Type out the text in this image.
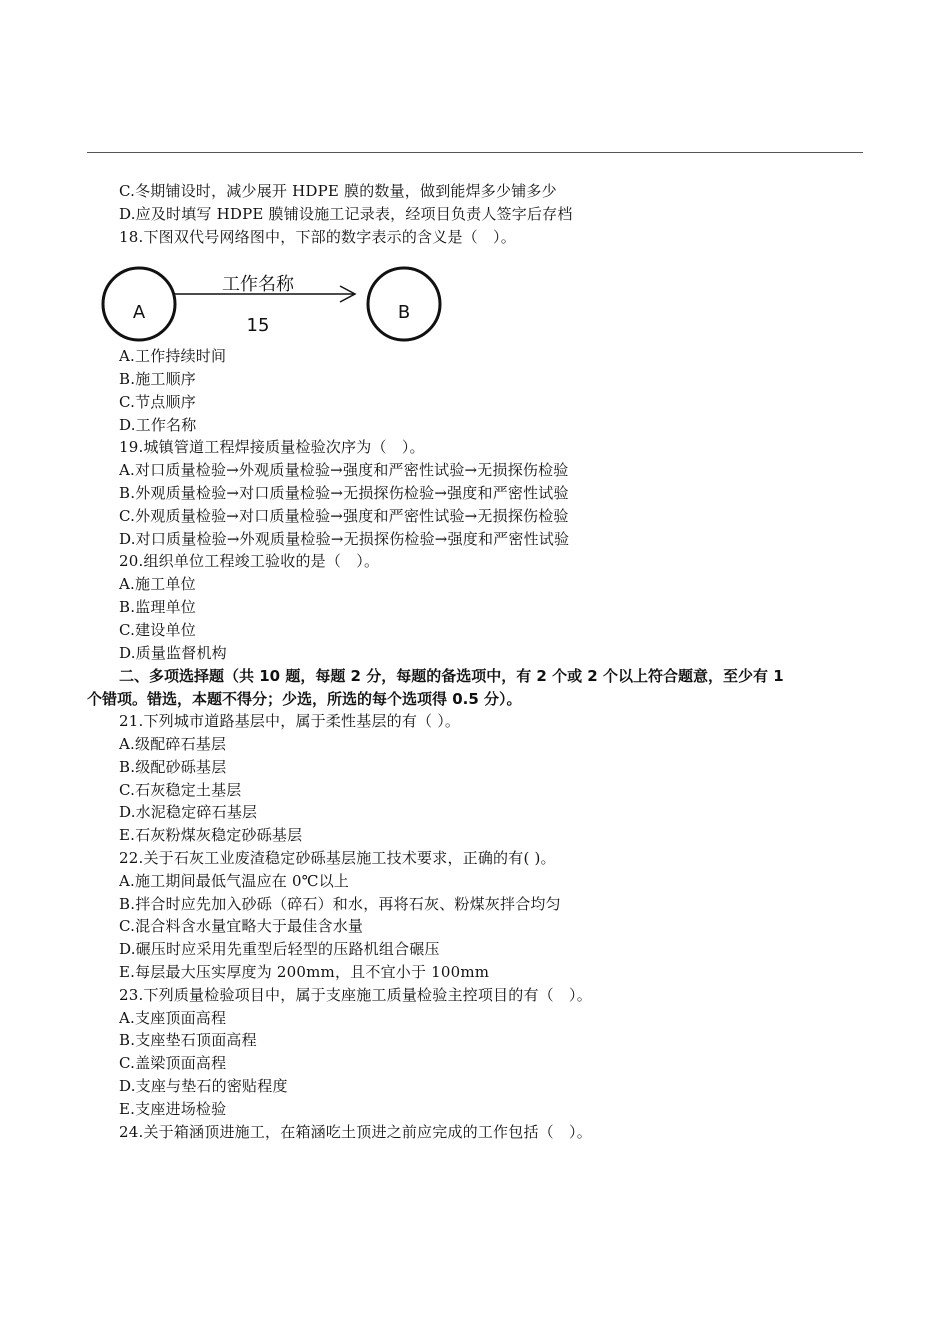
C.冬期铺设时，减少展开 HDPE 膜的数量，做到能焊多少铺多少
D.应及时填写 HDPE 膜铺设施工记录表，经项目负责人签字后存档
18.下图双代号网络图中，下部的数字表示的含义是（　）。
A
工作名称
15
B
A.工作持续时间
B.施工顺序
C.节点顺序
D.工作名称
19.城镇管道工程焊接质量检验次序为（　）。
A.对口质量检验→外观质量检验→强度和严密性试验→无损探伤检验
B.外观质量检验→对口质量检验→无损探伤检验→强度和严密性试验
C.外观质量检验→对口质量检验→强度和严密性试验→无损探伤检验
D.对口质量检验→外观质量检验→无损探伤检验→强度和严密性试验
20.组织单位工程竣工验收的是（　）。
A.施工单位
B.监理单位
C.建设单位
D.质量监督机构
二、多项选择题（共 10 题，每题 2 分，每题的备选项中，有 2 个或 2 个以上符合题意，至少有 1
个错项。错选，本题不得分；少选，所选的每个选项得 0.5 分）。
21.下列城市道路基层中，属于柔性基层的有（ ）。
A.级配碎石基层
B.级配砂砾基层
C.石灰稳定土基层
D.水泥稳定碎石基层
E.石灰粉煤灰稳定砂砾基层
22.关于石灰工业废渣稳定砂砾基层施工技术要求，正确的有( )。
A.施工期间最低气温应在 0℃以上
B.拌合时应先加入砂砾（碎石）和水，再将石灰、粉煤灰拌合均匀
C.混合料含水量宜略大于最佳含水量
D.碾压时应采用先重型后轻型的压路机组合碾压
E.每层最大压实厚度为 200mm，且不宜小于 100mm
23.下列质量检验项目中，属于支座施工质量检验主控项目的有（　）。
A.支座顶面高程
B.支座垫石顶面高程
C.盖梁顶面高程
D.支座与垫石的密贴程度
E.支座进场检验
24.关于箱涵顶进施工，在箱涵吃土顶进之前应完成的工作包括（　）。
